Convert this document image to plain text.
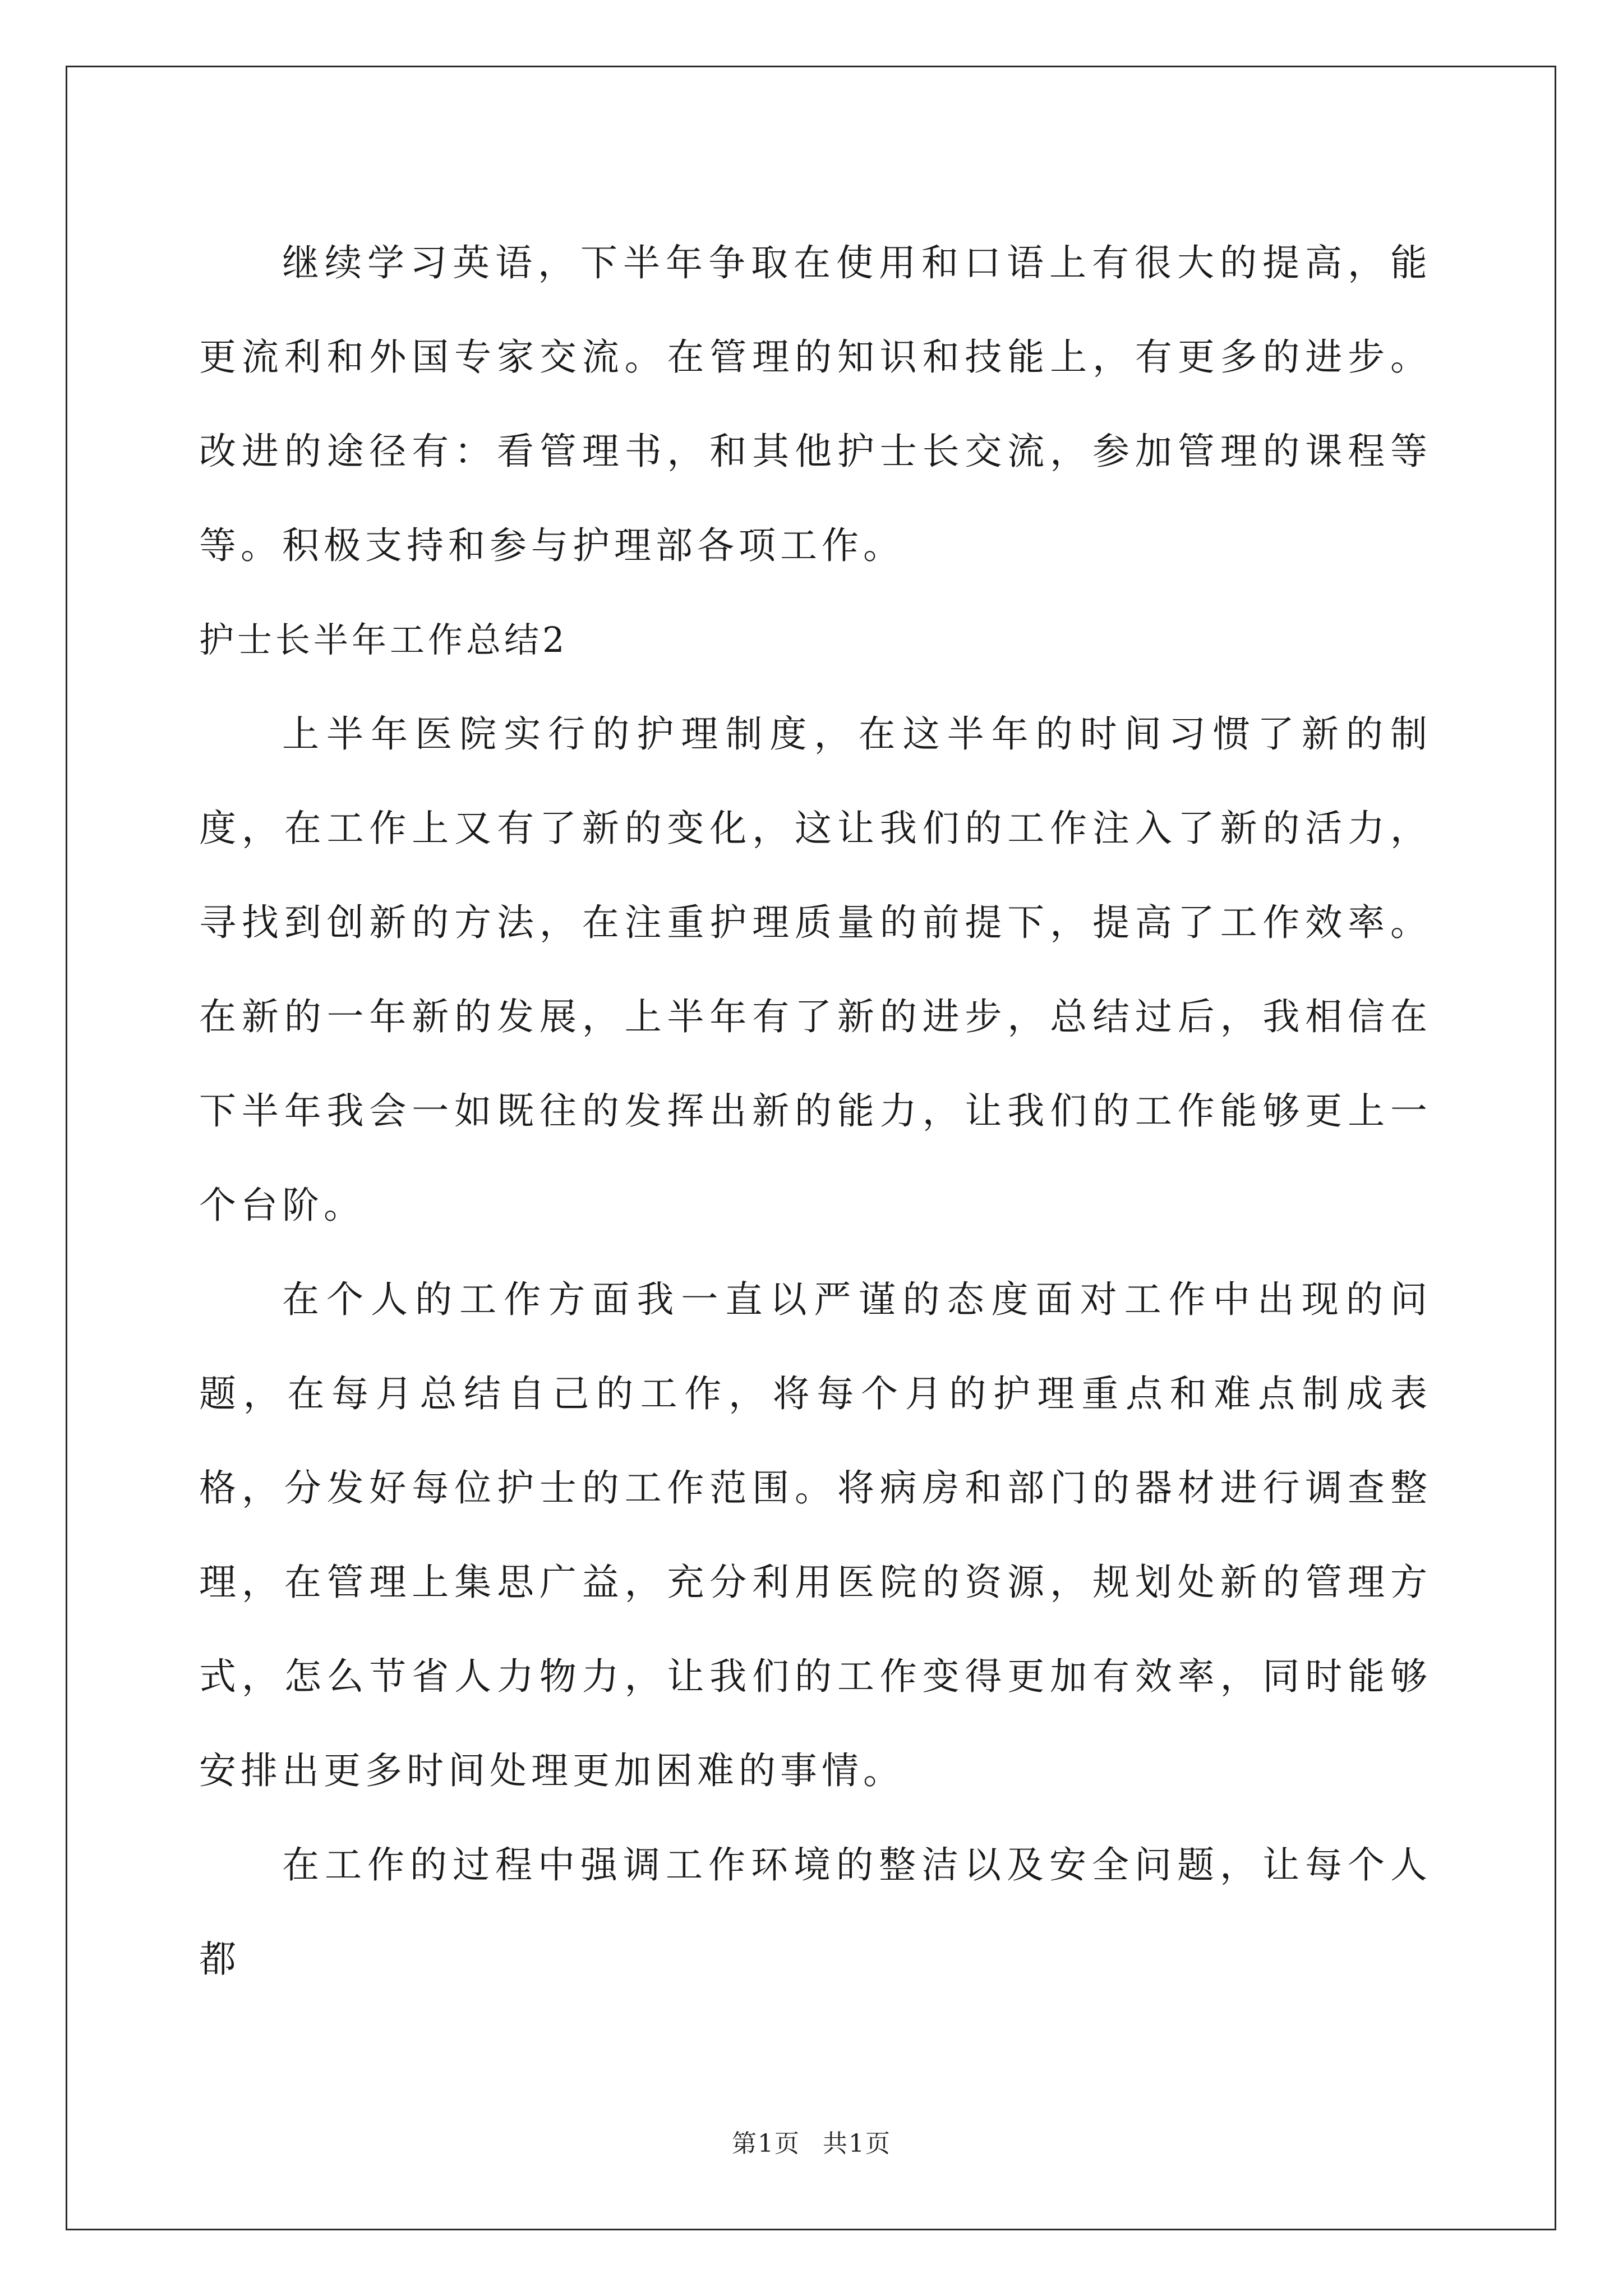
继续学习英语，下半年争取在使用和口语上有很大的提高，能更流利和外国专家交流。在管理的知识和技能上，有更多的进步。改进的途径有：看管理书，和其他护士长交流，参加管理的课程等等。积极支持和参与护理部各项工作。

护士长半年工作总结2

上半年医院实行的护理制度，在这半年的时间习惯了新的制度，在工作上又有了新的变化，这让我们的工作注入了新的活力，寻找到创新的方法，在注重护理质量的前提下，提高了工作效率。在新的一年新的发展，上半年有了新的进步，总结过后，我相信在下半年我会一如既往的发挥出新的能力，让我们的工作能够更上一个台阶。

在个人的工作方面我一直以严谨的态度面对工作中出现的问题，在每月总结自己的工作，将每个月的护理重点和难点制成表格，分发好每位护士的工作范围。将病房和部门的器材进行调查整理，在管理上集思广益，充分利用医院的资源，规划处新的管理方式，怎么节省人力物力，让我们的工作变得更加有效率，同时能够安排出更多时间处理更加困难的事情。

在工作的过程中强调工作环境的整洁以及安全问题，让每个人都

第1页 共1页
